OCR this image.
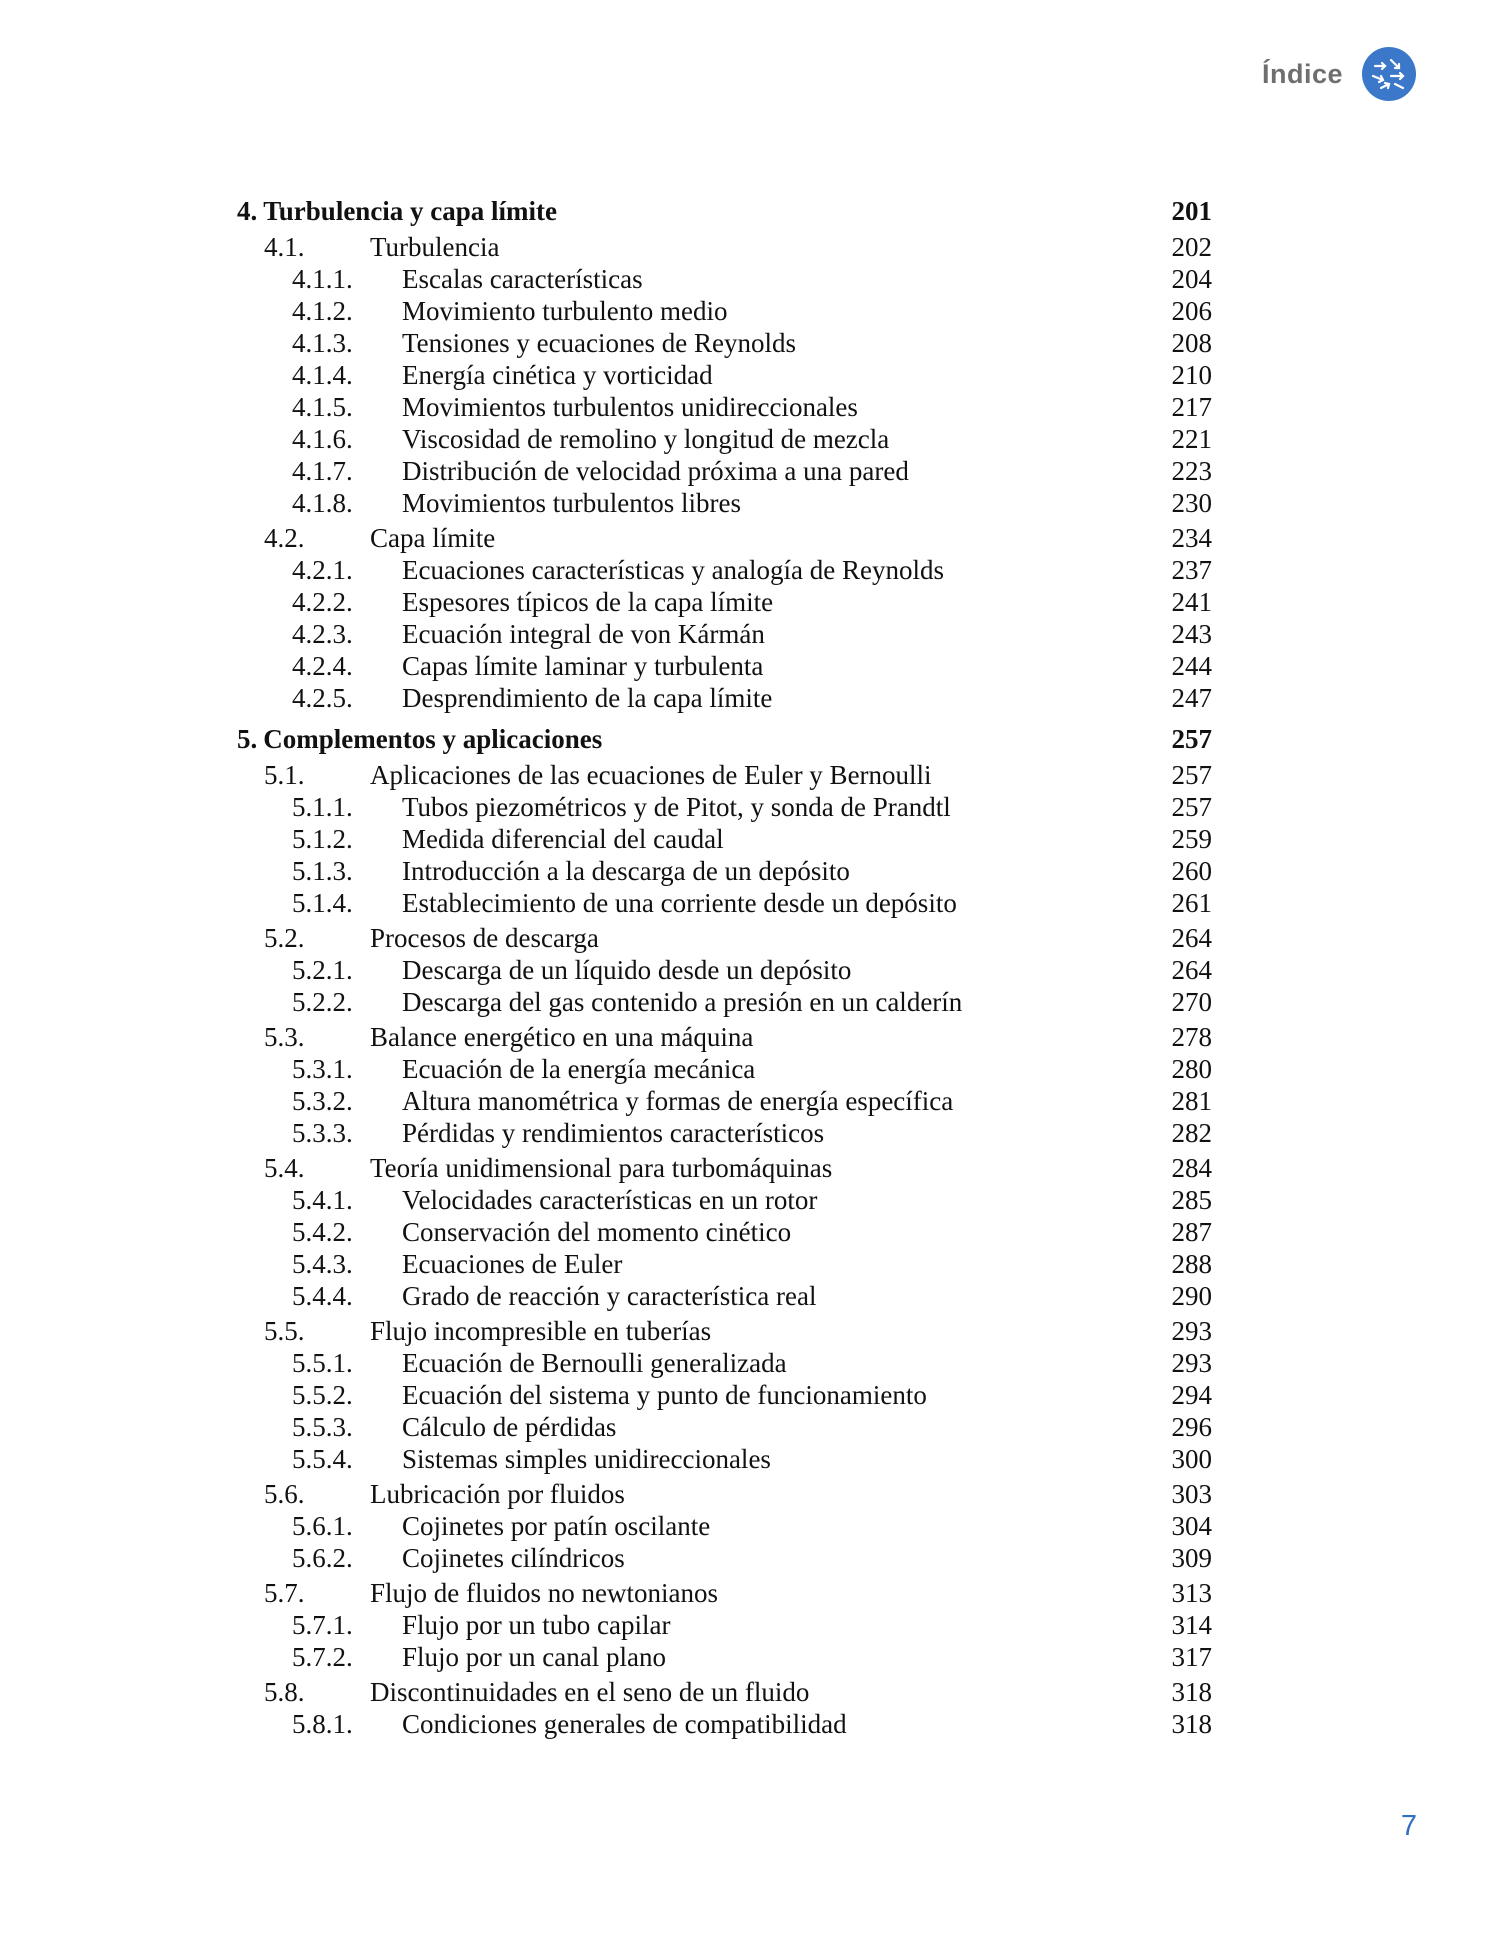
Índice
4. Turbulencia y capa límite	201
4.1.	Turbulencia	202
4.1.1.	Escalas características	204
4.1.2.	Movimiento turbulento medio	206
4.1.3.	Tensiones y ecuaciones de Reynolds	208
4.1.4.	Energía cinética y vorticidad	210
4.1.5.	Movimientos turbulentos unidireccionales	217
4.1.6.	Viscosidad de remolino y longitud de mezcla	221
4.1.7.	Distribución de velocidad próxima a una pared	223
4.1.8.	Movimientos turbulentos libres	230
4.2.	Capa límite	234
4.2.1.	Ecuaciones características y analogía de Reynolds	237
4.2.2.	Espesores típicos de la capa límite	241
4.2.3.	Ecuación integral de von Kármán	243
4.2.4.	Capas límite laminar y turbulenta	244
4.2.5.	Desprendimiento de la capa límite	247
5. Complementos y aplicaciones	257
5.1.	Aplicaciones de las ecuaciones de Euler y Bernoulli	257
5.1.1.	Tubos piezométricos y de Pitot, y sonda de Prandtl	257
5.1.2.	Medida diferencial del caudal	259
5.1.3.	Introducción a la descarga de un depósito	260
5.1.4.	Establecimiento de una corriente desde un depósito	261
5.2.	Procesos de descarga	264
5.2.1.	Descarga de un líquido desde un depósito	264
5.2.2.	Descarga del gas contenido a presión en un calderín	270
5.3.	Balance energético en una máquina	278
5.3.1.	Ecuación de la energía mecánica	280
5.3.2.	Altura manométrica y formas de energía específica	281
5.3.3.	Pérdidas y rendimientos característicos	282
5.4.	Teoría unidimensional para turbomáquinas	284
5.4.1.	Velocidades características en un rotor	285
5.4.2.	Conservación del momento cinético	287
5.4.3.	Ecuaciones de Euler	288
5.4.4.	Grado de reacción y característica real	290
5.5.	Flujo incompresible en tuberías	293
5.5.1.	Ecuación de Bernoulli generalizada	293
5.5.2.	Ecuación del sistema y punto de funcionamiento	294
5.5.3.	Cálculo de pérdidas	296
5.5.4.	Sistemas simples unidireccionales	300
5.6.	Lubricación por fluidos	303
5.6.1.	Cojinetes por patín oscilante	304
5.6.2.	Cojinetes cilíndricos	309
5.7.	Flujo de fluidos no newtonianos	313
5.7.1.	Flujo por un tubo capilar	314
5.7.2.	Flujo por un canal plano	317
5.8.	Discontinuidades en el seno de un fluido	318
5.8.1.	Condiciones generales de compatibilidad	318
7
